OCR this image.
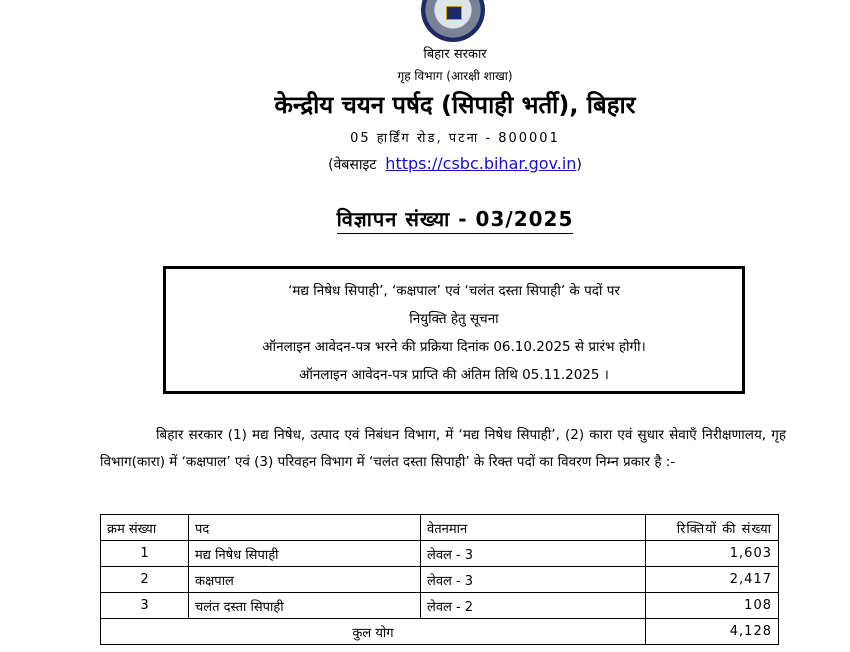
बिहार सरकार
गृह विभाग (आरक्षी शाखा)
केन्द्रीय चयन पर्षद (सिपाही भर्ती), बिहार
05 हार्डिंग रोड, पटना - 800001
(वेबसाइट https://csbc.bihar.gov.in)
विज्ञापन संख्या - 03/2025
‘मद्य निषेध सिपाही’, ‘कक्षपाल’ एवं ‘चलंत दस्ता सिपाही’ के पदों पर
नियुक्ति हेतु सूचना
ऑनलाइन आवेदन-पत्र भरने की प्रक्रिया दिनांक 06.10.2025 से प्रारंभ होगी।
ऑनलाइन आवेदन-पत्र प्राप्ति की अंतिम तिथि 05.11.2025 ।
बिहार सरकार (1) मद्य निषेध, उत्पाद एवं निबंधन विभाग, में ‘मद्य निषेध सिपाही’, (2) कारा एवं सुधार सेवाएँ निरीक्षणालय, गृह विभाग(कारा) में ‘कक्षपाल’ एवं (3) परिवहन विभाग में ‘चलंत दस्ता सिपाही’ के रिक्त पदों का विवरण निम्न प्रकार है :-
क्रम संख्या	पद	वेतनमान	रिक्तियों की संख्या
1	मद्य निषेध सिपाही	लेवल - 3	1,603
2	कक्षपाल	लेवल - 3	2,417
3	चलंत दस्ता सिपाही	लेवल - 2	108
कुल योग			4,128
